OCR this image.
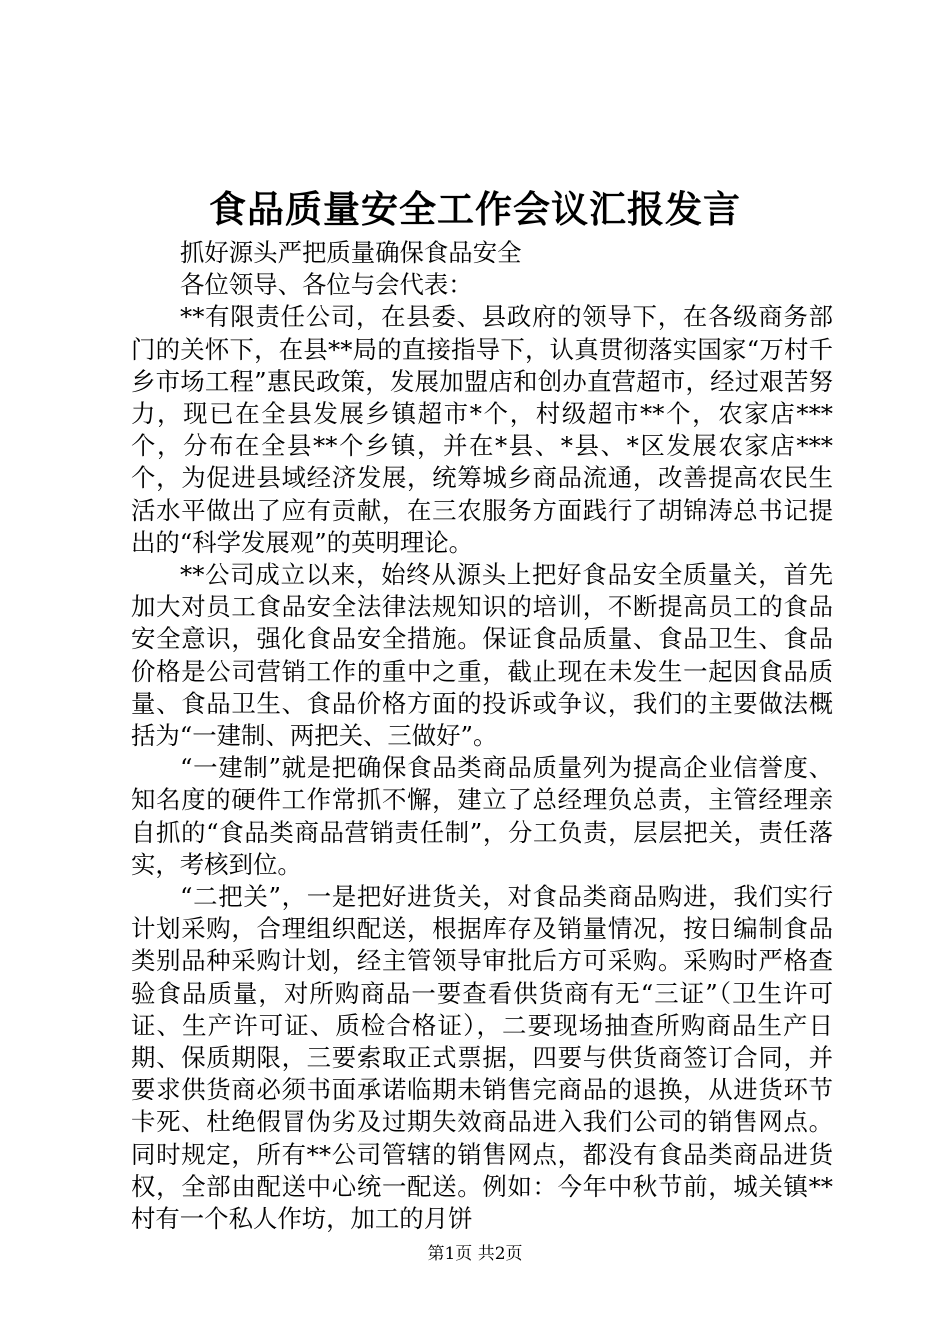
食品质量安全工作会议汇报发言

抓好源头严把质量确保食品安全

各位领导、各位与会代表：

**有限责任公司，在县委、县政府的领导下，在各级商务部门的关怀下，在县**局的直接指导下，认真贯彻落实国家“万村千乡市场工程”惠民政策，发展加盟店和创办直营超市，经过艰苦努力，现已在全县发展乡镇超市*个，村级超市**个，农家店***个，分布在全县**个乡镇，并在*县、*县、*区发展农家店***个，为促进县域经济发展，统筹城乡商品流通，改善提高农民生活水平做出了应有贡献，在三农服务方面践行了胡锦涛总书记提出的“科学发展观”的英明理论。

**公司成立以来，始终从源头上把好食品安全质量关，首先加大对员工食品安全法律法规知识的培训，不断提高员工的食品安全意识，强化食品安全措施。保证食品质量、食品卫生、食品价格是公司营销工作的重中之重，截止现在未发生一起因食品质量、食品卫生、食品价格方面的投诉或争议，我们的主要做法概括为“一建制、两把关、三做好”。

“一建制”就是把确保食品类商品质量列为提高企业信誉度、知名度的硬件工作常抓不懈，建立了总经理负总责，主管经理亲自抓的“食品类商品营销责任制”，分工负责，层层把关，责任落实，考核到位。

“二把关”，一是把好进货关，对食品类商品购进，我们实行计划采购，合理组织配送，根据库存及销量情况，按日编制食品类别品种采购计划，经主管领导审批后方可采购。采购时严格查验食品质量，对所购商品一要查看供货商有无“三证”（卫生许可证、生产许可证、质检合格证），二要现场抽查所购商品生产日期、保质期限，三要索取正式票据，四要与供货商签订合同，并要求供货商必须书面承诺临期未销售完商品的退换，从进货环节卡死、杜绝假冒伪劣及过期失效商品进入我们公司的销售网点。同时规定，所有**公司管辖的销售网点，都没有食品类商品进货权，全部由配送中心统一配送。例如：今年中秋节前，城关镇**村有一个私人作坊，加工的月饼

第1页 共2页
